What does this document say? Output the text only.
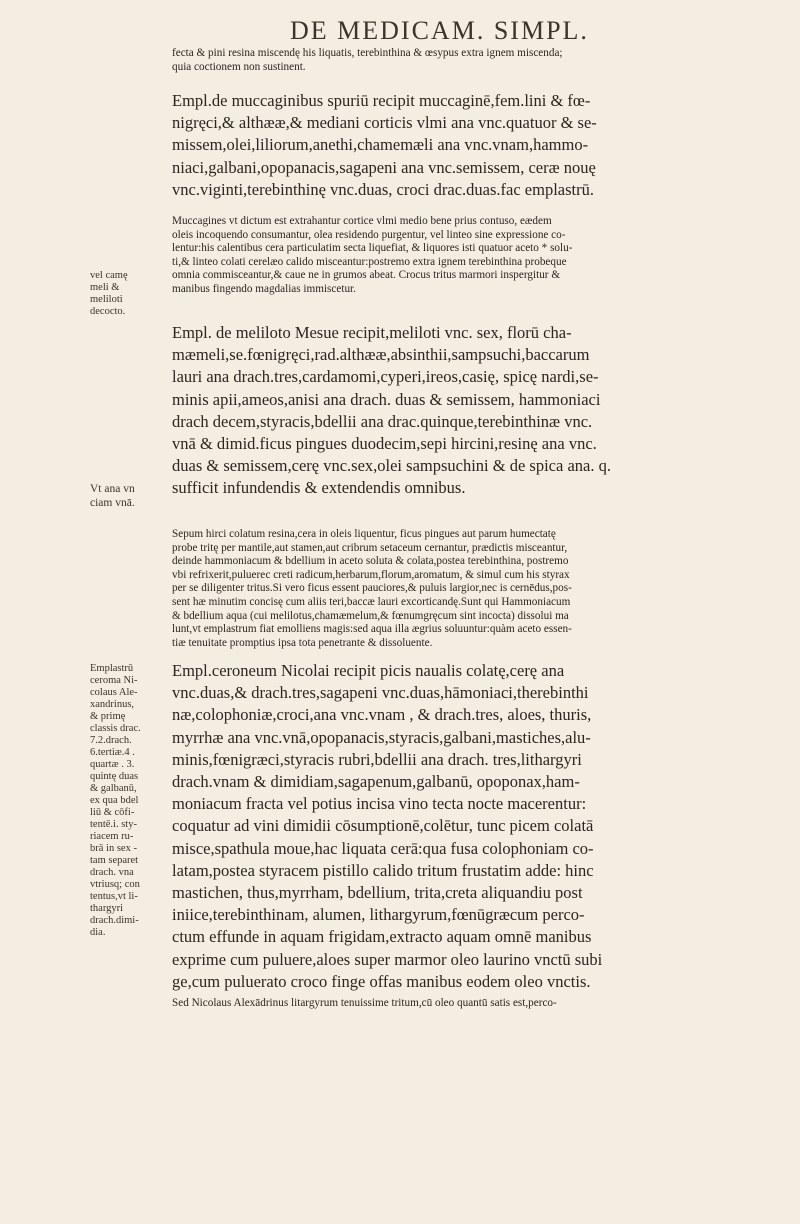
DE MEDICAM. SIMPL.
fecta & pini resina miscendę his liquatis, terebinthina & œsypus extra ignem miscenda;
quia coctionem non sustinent.
Empl.de muccaginibus spuriū recipit muccaginē,fem.lini & fœ-
nigręci,& althææ,& mediani corticis vlmi ana vnc.quatuor & se-
missem,olei,liliorum,anethi,chamemæli ana vnc.vnam,hammo-
niaci,galbani,opopanacis,sagapeni ana vnc.semissem, ceræ nouę
vnc.viginti,terebinthinę vnc.duas, croci drac.duas.fac emplastrū.
Muccagines vt dictum est extrahantur cortice vlmi medio bene prius contuso, eædem
oleis incoquendo consumantur, olea residendo purgentur, vel linteo sine expressione co-
lentur:his calentibus cera particulatim secta liquefiat, & liquores isti quatuor aceto * solu-
ti,& linteo colati cerelæo calido misceantur:postremo extra ignem terebinthina probeque
omnia commisceantur,& caue ne in grumos abeat. Crocus tritus marmori inspergitur &
manibus fingendo magdalias immiscetur.
Empl. de meliloto Mesue recipit,meliloti vnc. sex, florū cha-
mæmeli,se.fœnigręci,rad.althææ,absinthii,sampsuchi,baccarum
lauri ana drach.tres,cardamomi,cyperi,ireos,casię, spicę nardi,se-
minis apii,ameos,anisi ana drach. duas & semissem, hammoniaci
drach decem,styracis,bdellii ana drac.quinque,terebinthinæ vnc.
vnā & dimid.ficus pingues duodecim,sepi hircini,resinę ana vnc.
duas & semissem,cerę vnc.sex,olei sampsuchini & de spica ana. q.
sufficit infundendis & extendendis omnibus.
Sepum hirci colatum resina,cera in oleis liquentur, ficus pingues aut parum humectatę
probe tritę per mantile,aut stamen,aut cribrum setaceum cernantur, prædictis misceantur,
deinde hammoniacum & bdellium in aceto soluta & colata,postea terebinthina, postremo
vbi refrixerit,puluerес creti radicum,herbarum,florum,aromatum, & simul cum his styrax
per se diligenter tritus.Si vero ficus essent pauciores,& puluis largior,nec is cernēdus,pos-
sent hæ minutim concisę cum aliis teri,baccæ lauri excorticandę.Sunt qui Hammoniacum
& bdellium aqua (cui melilotus,chamæmelum,& fœnumgręcum sint incocta) dissolui ma
lunt,vt emplastrum fiat emolliens magis:sed aqua illa ægrius soluuntur:quàm aceto essen-
tiæ tenuitate promptius ipsa tota penetrante & dissoluente.
Empl.ceroneum Nicolai recipit picis naualis colatę,cerę ana
vnc.duas,& drach.tres,sagapeni vnc.duas,hāmoniaci,therebinthi
næ,colophoniæ,croci,ana vnc.vnam , & drach.tres, aloes, thuris,
myrrhæ ana vnc.vnā,opopanacis,styracis,galbani,mastiches,alu-
minis,fœnigræci,styracis rubri,bdellii ana drach. tres,lithargyri
drach.vnam & dimidiam,sagapenum,galbanū, opoponax,ham-
moniacum fracta vel potius incisa vino tecta nocte macerentur:
coquatur ad vini dimidii cōsumptionē,colētur, tunc picem colatā
misce,spathula moue,hac liquata cerā:qua fusa colophoniam co-
latam,postea styracem pistillo calido tritum frustatim adde: hinc
mastichen, thus,myrrham, bdellium, trita,creta aliquandiu post
iniice,terebinthinam, alumen, lithargyrum,fœnūgræcum perco-
ctum effunde in aquam frigidam,extracto aquam omnē manibus
exprime cum puluere,aloes super marmor oleo laurino vnctū subi
ge,cum puluerato croco finge offas manibus eodem oleo vnctis.
Sed Nicolaus Alexādrinus litargyrum tenuissime tritum,cū oleo quantū satis est,perco-
vel camę
meli &
meliloti
decocto.
Vt ana vn
ciam vnā.
Emplastrū
ceroma Ni-
colaus Ale-
xandrinus,
& primę
classis drac.
7.2.drach.
6.tertiæ.4 .
quartæ . 3.
quintę duas
& galbanū,
ex qua bdel
liū & cōfi-
tentē.i. sty-
riacem ru-
brā in sex -
tam separet
drach. vna
vtriusq; con
tentus,vt li-
thargyri
drach.dimi-
dia.
